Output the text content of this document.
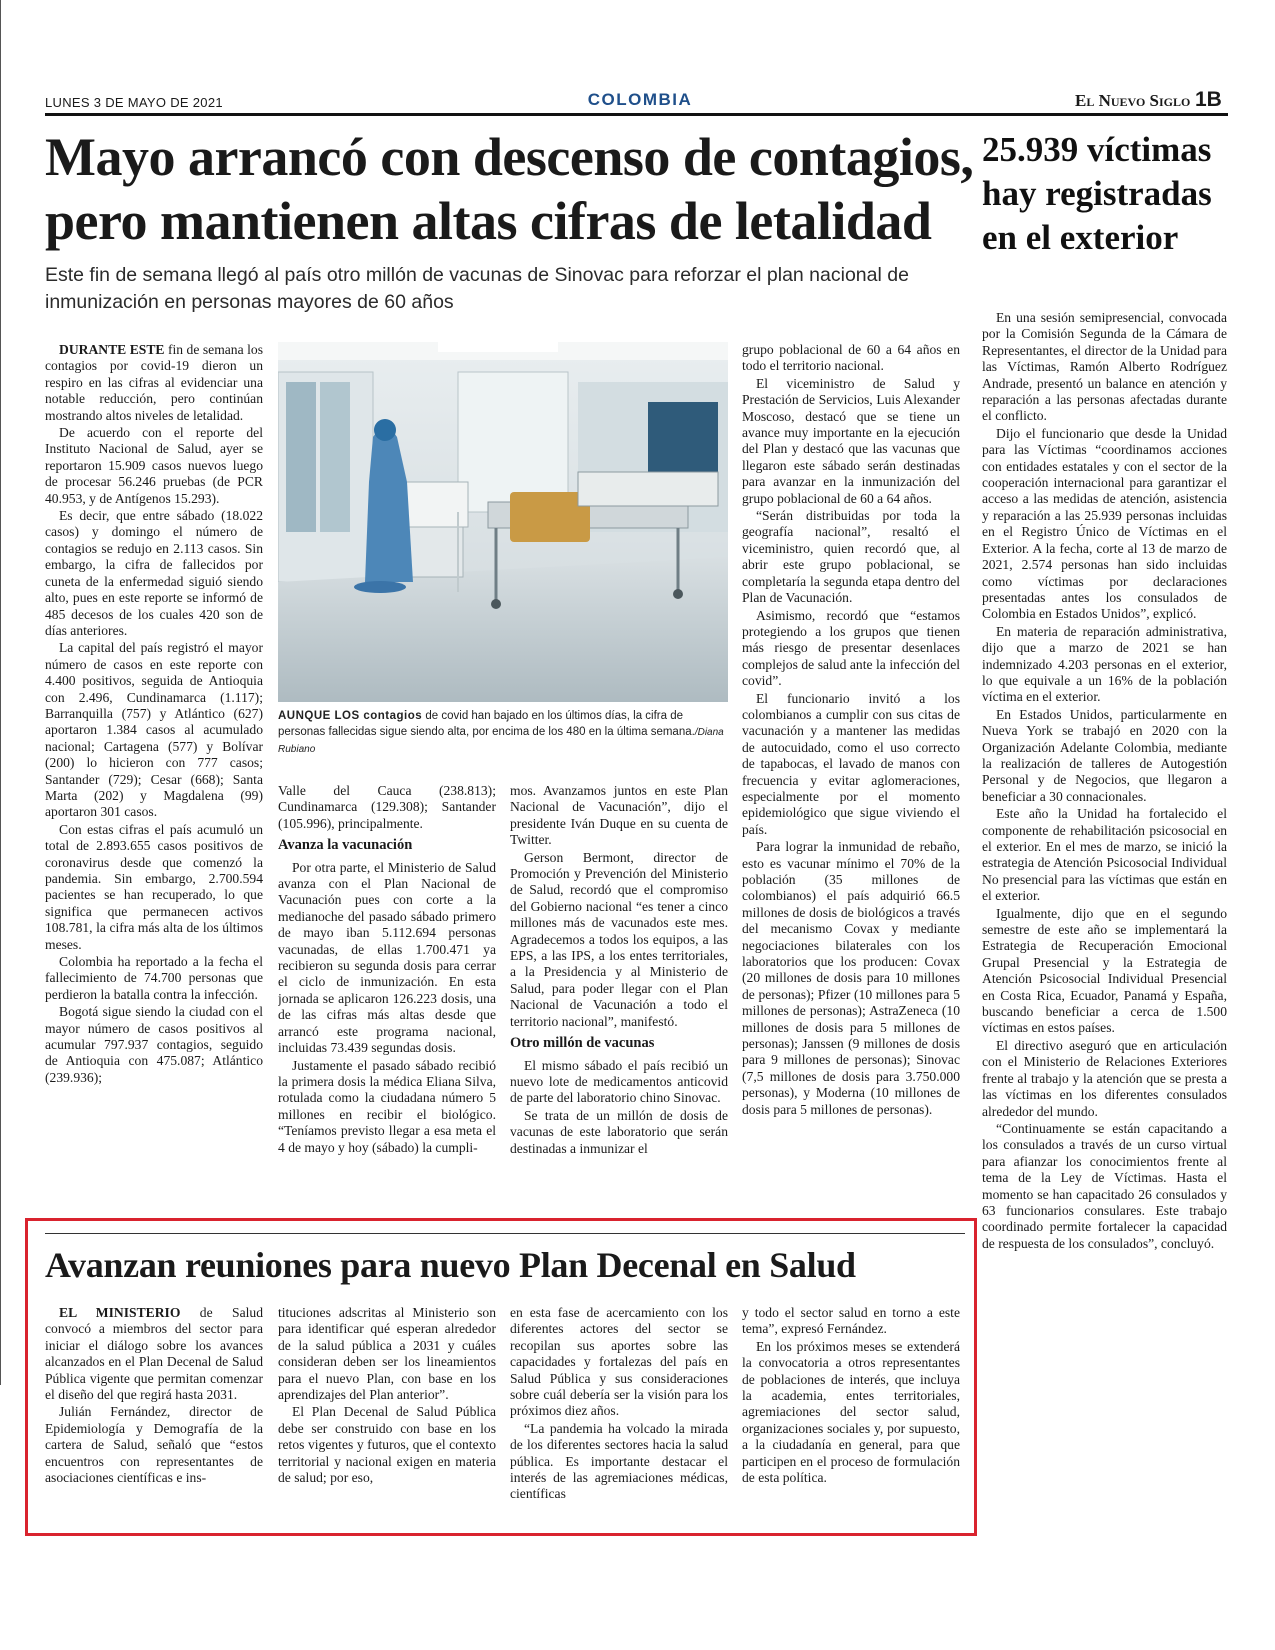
LUNES 3 DE MAYO DE 2021	COLOMBIA	El Nuevo Siglo 1B
Mayo arrancó con descenso de contagios, pero mantienen altas cifras de letalidad
Este fin de semana llegó al país otro millón de vacunas de Sinovac para reforzar el plan nacional de inmunización en personas mayores de 60 años

DURANTE ESTE fin de semana los contagios por covid-19 dieron un respiro en las cifras al evidenciar una notable reducción, pero continúan mostrando altos niveles de letalidad.

De acuerdo con el reporte del Instituto Nacional de Salud, ayer se reportaron 15.909 casos nuevos luego de procesar 56.246 pruebas (de PCR 40.953, y de Antígenos 15.293).

Es decir, que entre sábado (18.022 casos) y domingo el número de contagios se redujo en 2.113 casos. Sin embargo, la cifra de fallecidos por cuneta de la enfermedad siguió siendo alto, pues en este reporte se informó de 485 decesos de los cuales 420 son de días anteriores.

La capital del país registró el mayor número de casos en este reporte con 4.400 positivos, seguida de Antioquia con 2.496, Cundinamarca (1.117); Barranquilla (757) y Atlántico (627) aportaron 1.384 casos al acumulado nacional; Cartagena (577) y Bolívar (200) lo hicieron con 777 casos; Santander (729); Cesar (668); Santa Marta (202) y Magdalena (99) aportaron 301 casos.

Con estas cifras el país acumuló un total de 2.893.655 casos positivos de coronavirus desde que comenzó la pandemia. Sin embargo, 2.700.594 pacientes se han recuperado, lo que significa que permanecen activos 108.781, la cifra más alta de los últimos meses.

Colombia ha reportado a la fecha el fallecimiento de 74.700 personas que perdieron la batalla contra la infección.

Bogotá sigue siendo la ciudad con el mayor número de casos positivos al acumular 797.937 contagios, seguido de Antioquia con 475.087; Atlántico (239.936);

AUNQUE LOS contagios de covid han bajado en los últimos días, la cifra de personas fallecidas sigue siendo alta, por encima de los 480 en la última semana./Diana Rubiano

Valle del Cauca (238.813); Cundinamarca (129.308); Santander (105.996), principalmente.

Avanza la vacunación

Por otra parte, el Ministerio de Salud avanza con el Plan Nacional de Vacunación pues con corte a la medianoche del pasado sábado primero de mayo iban 5.112.694 personas vacunadas, de ellas 1.700.471 ya recibieron su segunda dosis para cerrar el ciclo de inmunización. En esta jornada se aplicaron 126.223 dosis, una de las cifras más altas desde que arrancó este programa nacional, incluidas 73.439 segundas dosis.

Justamente el pasado sábado recibió la primera dosis la médica Eliana Silva, rotulada como la ciudadana número 5 millones en recibir el biológico. “Teníamos previsto llegar a esa meta el 4 de mayo y hoy (sábado) la cumpli-

mos. Avanzamos juntos en este Plan Nacional de Vacunación”, dijo el presidente Iván Duque en su cuenta de Twitter.

Gerson Bermont, director de Promoción y Prevención del Ministerio de Salud, recordó que el compromiso del Gobierno nacional “es tener a cinco millones más de vacunados este mes. Agradecemos a todos los equipos, a las EPS, a las IPS, a los entes territoriales, a la Presidencia y al Ministerio de Salud, para poder llegar con el Plan Nacional de Vacunación a todo el territorio nacional”, manifestó.

Otro millón de vacunas

El mismo sábado el país recibió un nuevo lote de medicamentos anticovid de parte del laboratorio chino Sinovac.

Se trata de un millón de dosis de vacunas de este laboratorio que serán destinadas a inmunizar el

grupo poblacional de 60 a 64 años en todo el territorio nacional.

El viceministro de Salud y Prestación de Servicios, Luis Alexander Moscoso, destacó que se tiene un avance muy importante en la ejecución del Plan y destacó que las vacunas que llegaron este sábado serán destinadas para avanzar en la inmunización del grupo poblacional de 60 a 64 años.

“Serán distribuidas por toda la geografía nacional”, resaltó el viceministro, quien recordó que, al abrir este grupo poblacional, se completaría la segunda etapa dentro del Plan de Vacunación.

Asimismo, recordó que “estamos protegiendo a los grupos que tienen más riesgo de presentar desenlaces complejos de salud ante la infección del covid”.

El funcionario invitó a los colombianos a cumplir con sus citas de vacunación y a mantener las medidas de autocuidado, como el uso correcto de tapabocas, el lavado de manos con frecuencia y evitar aglomeraciones, especialmente por el momento epidemiológico que sigue viviendo el país.

Para lograr la inmunidad de rebaño, esto es vacunar mínimo el 70% de la población (35 millones de colombianos) el país adquirió 66.5 millones de dosis de biológicos a través del mecanismo Covax y mediante negociaciones bilaterales con los laboratorios que los producen: Covax (20 millones de dosis para 10 millones de personas); Pfizer (10 millones para 5 millones de personas); AstraZeneca (10 millones de dosis para 5 millones de personas); Janssen (9 millones de dosis para 9 millones de personas); Sinovac (7,5 millones de dosis para 3.750.000 personas), y Moderna (10 millones de dosis para 5 millones de personas).

25.939 víctimas hay registradas en el exterior

En una sesión semipresencial, convocada por la Comisión Segunda de la Cámara de Representantes, el director de la Unidad para las Víctimas, Ramón Alberto Rodríguez Andrade, presentó un balance en atención y reparación a las personas afectadas durante el conflicto.

Dijo el funcionario que desde la Unidad para las Víctimas “coordinamos acciones con entidades estatales y con el sector de la cooperación internacional para garantizar el acceso a las medidas de atención, asistencia y reparación a las 25.939 personas incluidas en el Registro Único de Víctimas en el Exterior. A la fecha, corte al 13 de marzo de 2021, 2.574 personas han sido incluidas como víctimas por declaraciones presentadas antes los consulados de Colombia en Estados Unidos”, explicó.

En materia de reparación administrativa, dijo que a marzo de 2021 se han indemnizado 4.203 personas en el exterior, lo que equivale a un 16% de la población víctima en el exterior.

En Estados Unidos, particularmente en Nueva York se trabajó en 2020 con la Organización Adelante Colombia, mediante la realización de talleres de Autogestión Personal y de Negocios, que llegaron a beneficiar a 30 connacionales.

Este año la Unidad ha fortalecido el componente de rehabilitación psicosocial en el exterior. En el mes de marzo, se inició la estrategia de Atención Psicosocial Individual No presencial para las víctimas que están en el exterior.

Igualmente, dijo que en el segundo semestre de este año se implementará la Estrategia de Recuperación Emocional Grupal Presencial y la Estrategia de Atención Psicosocial Individual Presencial en Costa Rica, Ecuador, Panamá y España, buscando beneficiar a cerca de 1.500 víctimas en estos países.

El directivo aseguró que en articulación con el Ministerio de Relaciones Exteriores frente al trabajo y la atención que se presta a las víctimas en los diferentes consulados alrededor del mundo.

“Continuamente se están capacitando a los consulados a través de un curso virtual para afianzar los conocimientos frente al tema de la Ley de Víctimas. Hasta el momento se han capacitado 26 consulados y 63 funcionarios consulares. Este trabajo coordinado permite fortalecer la capacidad de respuesta de los consulados”, concluyó.

Avanzan reuniones para nuevo Plan Decenal en Salud

EL MINISTERIO de Salud convocó a miembros del sector para iniciar el diálogo sobre los avances alcanzados en el Plan Decenal de Salud Pública vigente que permitan comenzar el diseño del que regirá hasta 2031.

Julián Fernández, director de Epidemiología y Demografía de la cartera de Salud, señaló que “estos encuentros con representantes de asociaciones científicas e ins-

tituciones adscritas al Ministerio son para identificar qué esperan alrededor de la salud pública a 2031 y cuáles consideran deben ser los lineamientos para el nuevo Plan, con base en los aprendizajes del Plan anterior”.

El Plan Decenal de Salud Pública debe ser construido con base en los retos vigentes y futuros, que el contexto territorial y nacional exigen en materia de salud; por eso,

en esta fase de acercamiento con los diferentes actores del sector se recopilan sus aportes sobre las capacidades y fortalezas del país en Salud Pública y sus consideraciones sobre cuál debería ser la visión para los próximos diez años.

“La pandemia ha volcado la mirada de los diferentes sectores hacia la salud pública. Es importante destacar el interés de las agremiaciones médicas, científicas

y todo el sector salud en torno a este tema”, expresó Fernández.

En los próximos meses se extenderá la convocatoria a otros representantes de poblaciones de interés, que incluya la academia, entes territoriales, agremiaciones del sector salud, organizaciones sociales y, por supuesto, a la ciudadanía en general, para que participen en el proceso de formulación de esta política.
